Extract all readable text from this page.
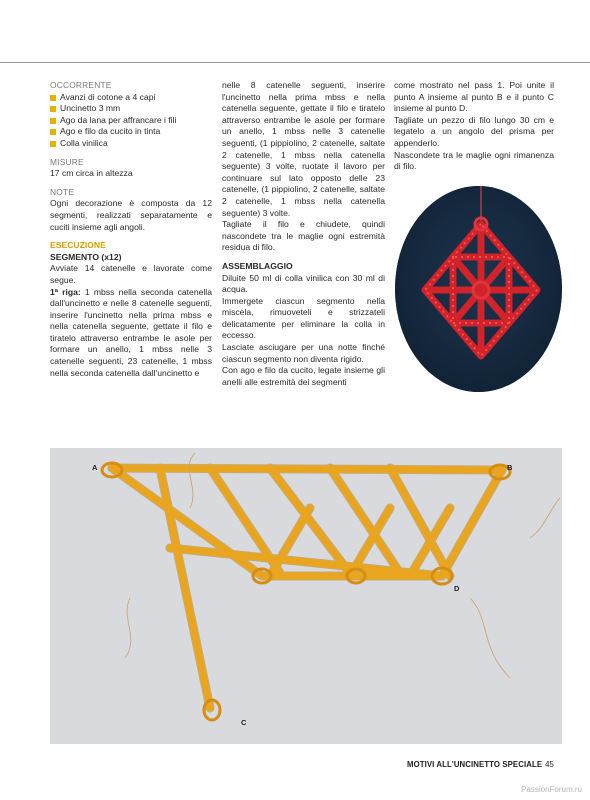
OCCORRENTE
Avanzi di cotone a 4 capi
Uncinetto 3 mm
Ago da lana per affrancare i fili
Ago e filo da cucito in tinta
Colla vinilica
MISURE
17 cm circa in altezza
NOTE
Ogni decorazione è composta da 12 segmenti, realizzati separatamente e cuciti insieme agli angoli.
ESECUZIONE
SEGMENTO (x12)
Avviate 14 catenelle e lavorate come segue.
1ª riga: 1 mbss nella seconda catenella dall'uncinetto e nelle 8 catenelle seguenti, inserire l'uncinetto nella prima mbss e nella catenella seguente, gettate il filo e tiratelo attraverso entrambe le asole per formare un anello, 1 mbss nelle 3 catenelle seguenti, 23 catenelle, 1 mbss nella seconda catenella dall'uncinetto e
nelle 8 catenelle seguenti, inserire l'uncinetto nella prima mbss e nella catenella seguente, gettate il filo e tiratelo attraverso entrambe le asole per formare un anello, 1 mbss nelle 3 catenelle seguenti, (1 pippiolino, 2 catenelle, saltate 2 catenelle, 1 mbss nella catenella seguente) 3 volte, ruotate il lavoro per continuare sul lato opposto delle 23 catenelle, (1 pippiolino, 2 catenelle, saltate 2 catenelle, 1 mbss nella catenella seguente) 3 volte.
Tagliate il filo e chiudete, quindi nascondete tra le maglie ogni estremità residua di filo.
ASSEMBLAGGIO
Diluite 50 ml di colla vinilica con 30 ml di acqua.
Immergete ciascun segmento nella miscela, rimuoveteli e strizzateli delicatamente per eliminare la colla in eccesso.
Lasciate asciugare per una notte finché ciascun segmento non diventa rigido.
Con ago e filo da cucito, legate insieme gli anelli alle estremità dei segmenti
come mostrato nel pass 1. Poi unite il punto A insieme al punto B e il punto C insieme al punto D.
Tagliate un pezzo di filo lungo 30 cm e legatelo a un angolo del prisma per appenderlo.
Nascondete tra le maglie ogni rimanenza di filo.
A	B
C
D
MOTIVI ALL'UNCINETTO SPECIALE 45
PassionForum.ru
